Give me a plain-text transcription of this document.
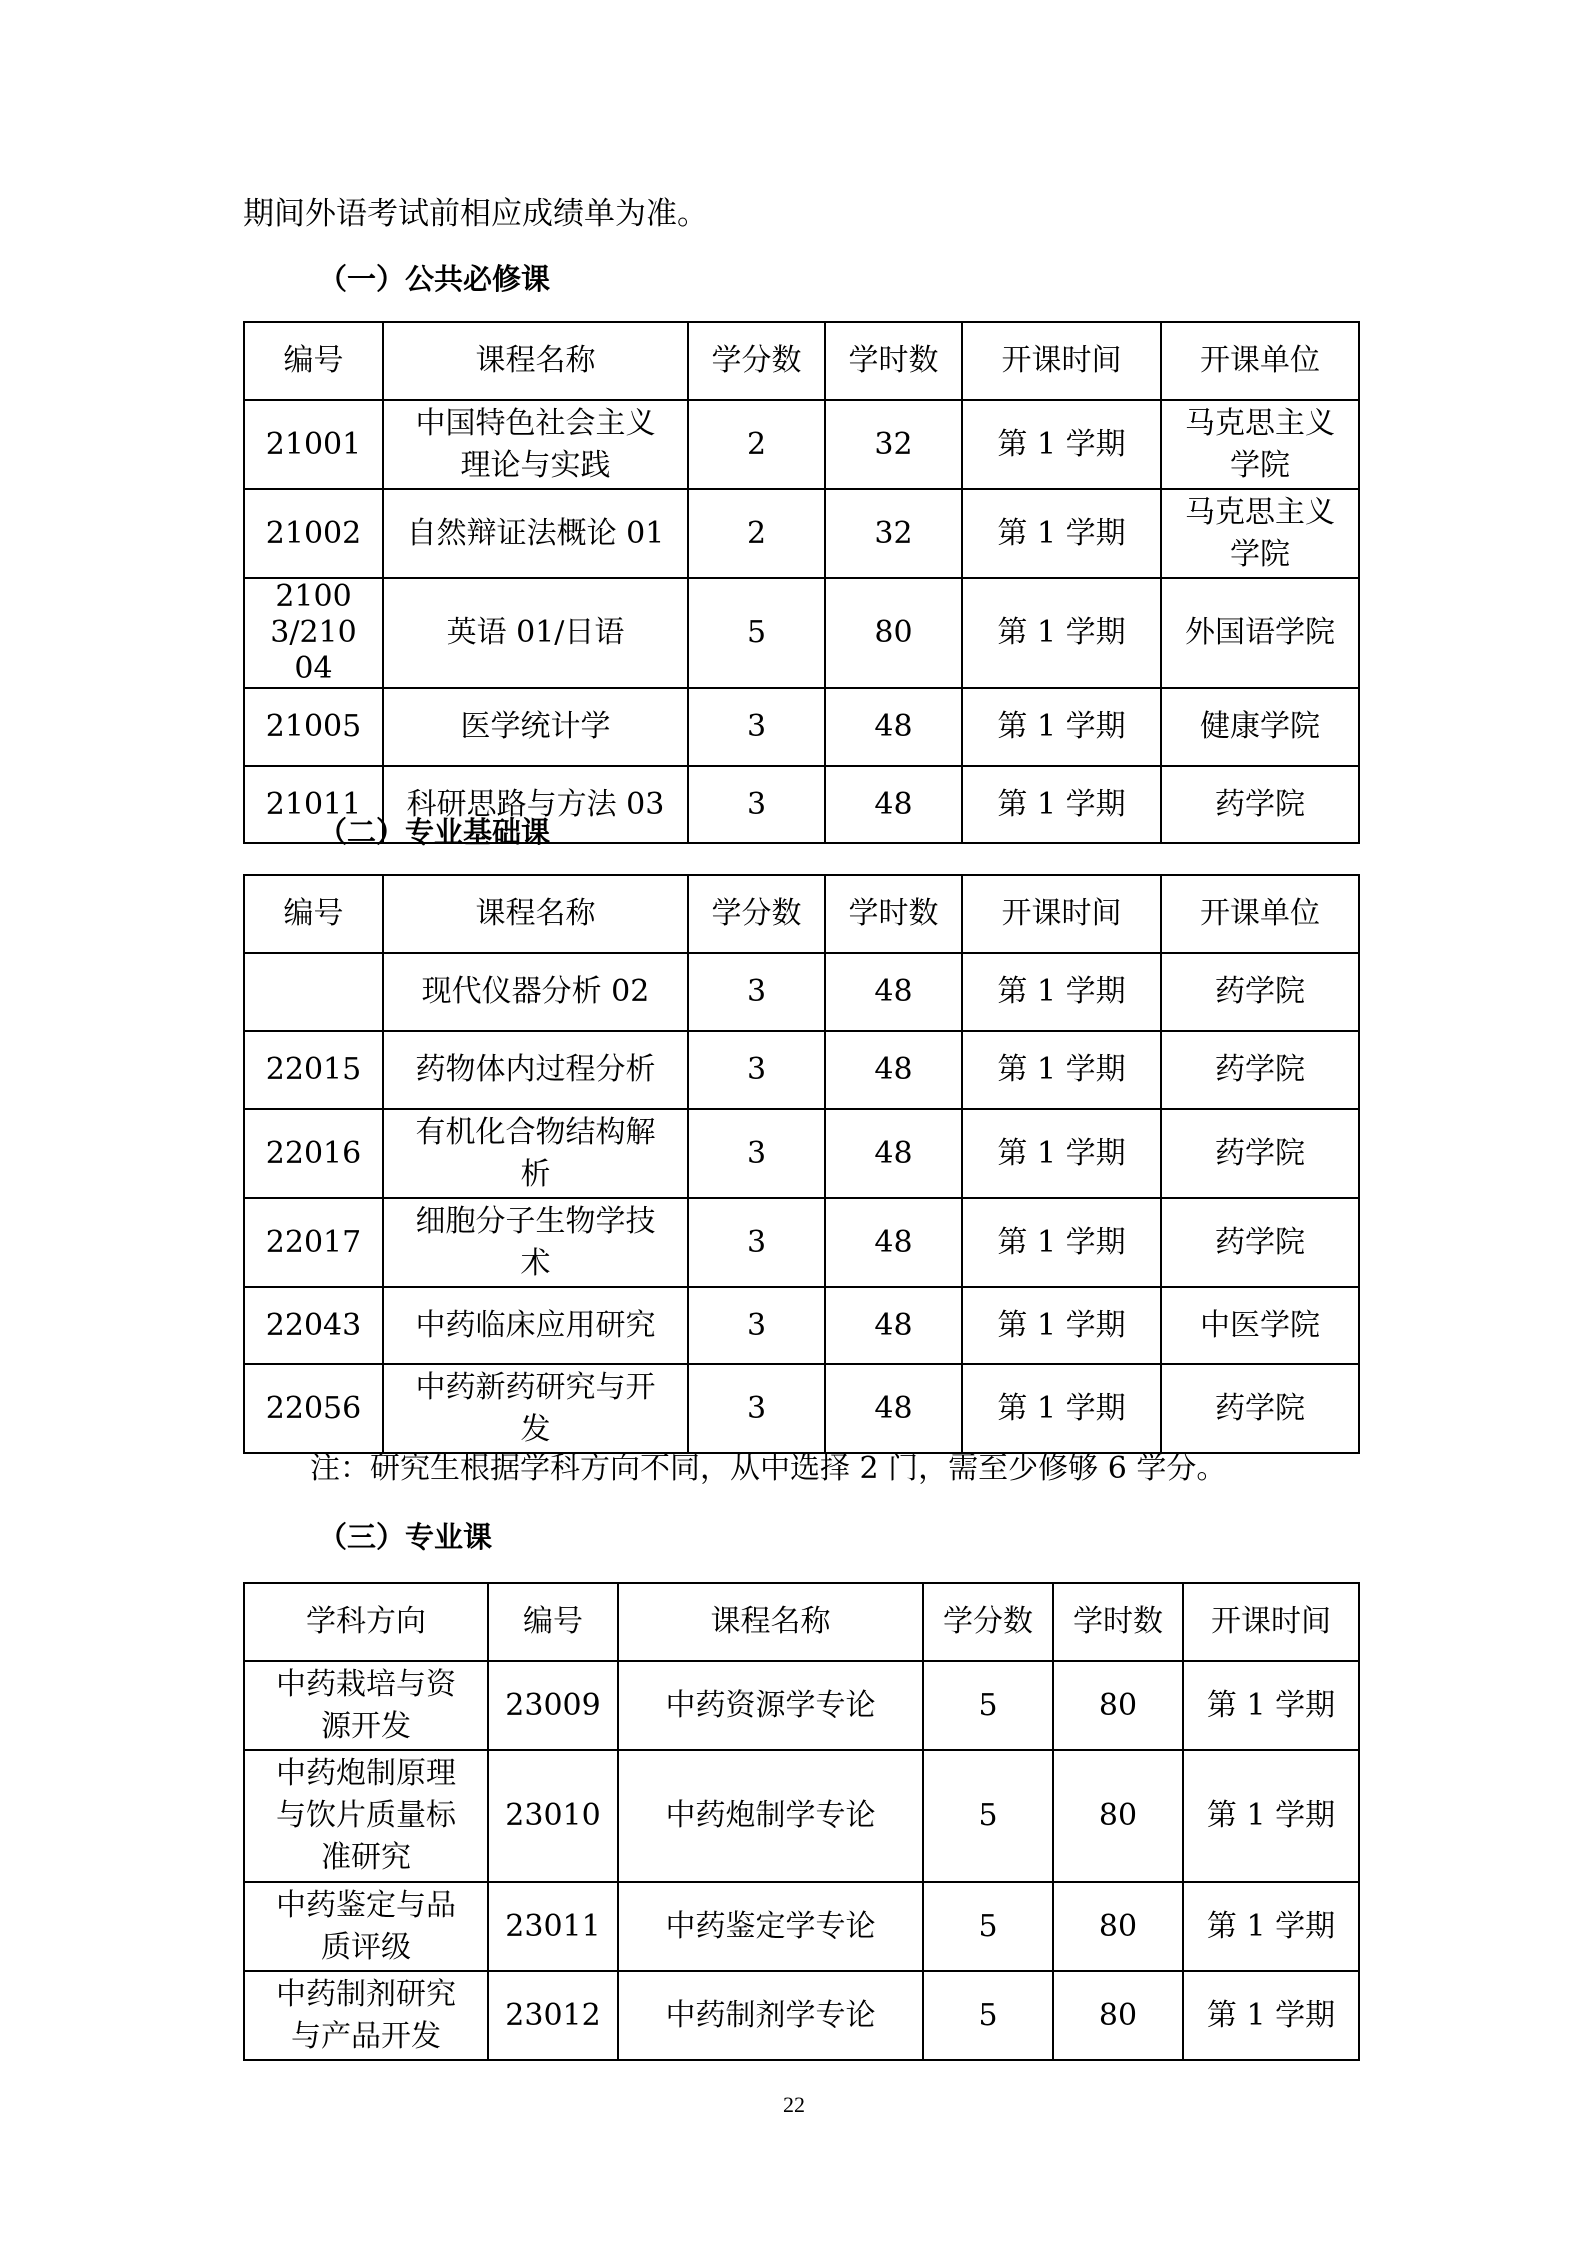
期间外语考试前相应成绩单为准。
（一）公共必修课
编号	课程名称	学分数	学时数	开课时间	开课单位
21001	中国特色社会主义理论与实践	2	32	第 1 学期	马克思主义学院
21002	自然辩证法概论 01	2	32	第 1 学期	马克思主义学院
21003/21004	英语 01/日语	5	80	第 1 学期	外国语学院
21005	医学统计学	3	48	第 1 学期	健康学院
21011	科研思路与方法 03	3	48	第 1 学期	药学院
（二）专业基础课
编号	课程名称	学分数	学时数	开课时间	开课单位
	现代仪器分析 02	3	48	第 1 学期	药学院
22015	药物体内过程分析	3	48	第 1 学期	药学院
22016	有机化合物结构解析	3	48	第 1 学期	药学院
22017	细胞分子生物学技术	3	48	第 1 学期	药学院
22043	中药临床应用研究	3	48	第 1 学期	中医学院
22056	中药新药研究与开发	3	48	第 1 学期	药学院
注：研究生根据学科方向不同，从中选择 2 门，需至少修够 6 学分。
（三）专业课
学科方向	编号	课程名称	学分数	学时数	开课时间
中药栽培与资源开发	23009	中药资源学专论	5	80	第 1 学期
中药炮制原理与饮片质量标准研究	23010	中药炮制学专论	5	80	第 1 学期
中药鉴定与品质评级	23011	中药鉴定学专论	5	80	第 1 学期
中药制剂研究与产品开发	23012	中药制剂学专论	5	80	第 1 学期
22
